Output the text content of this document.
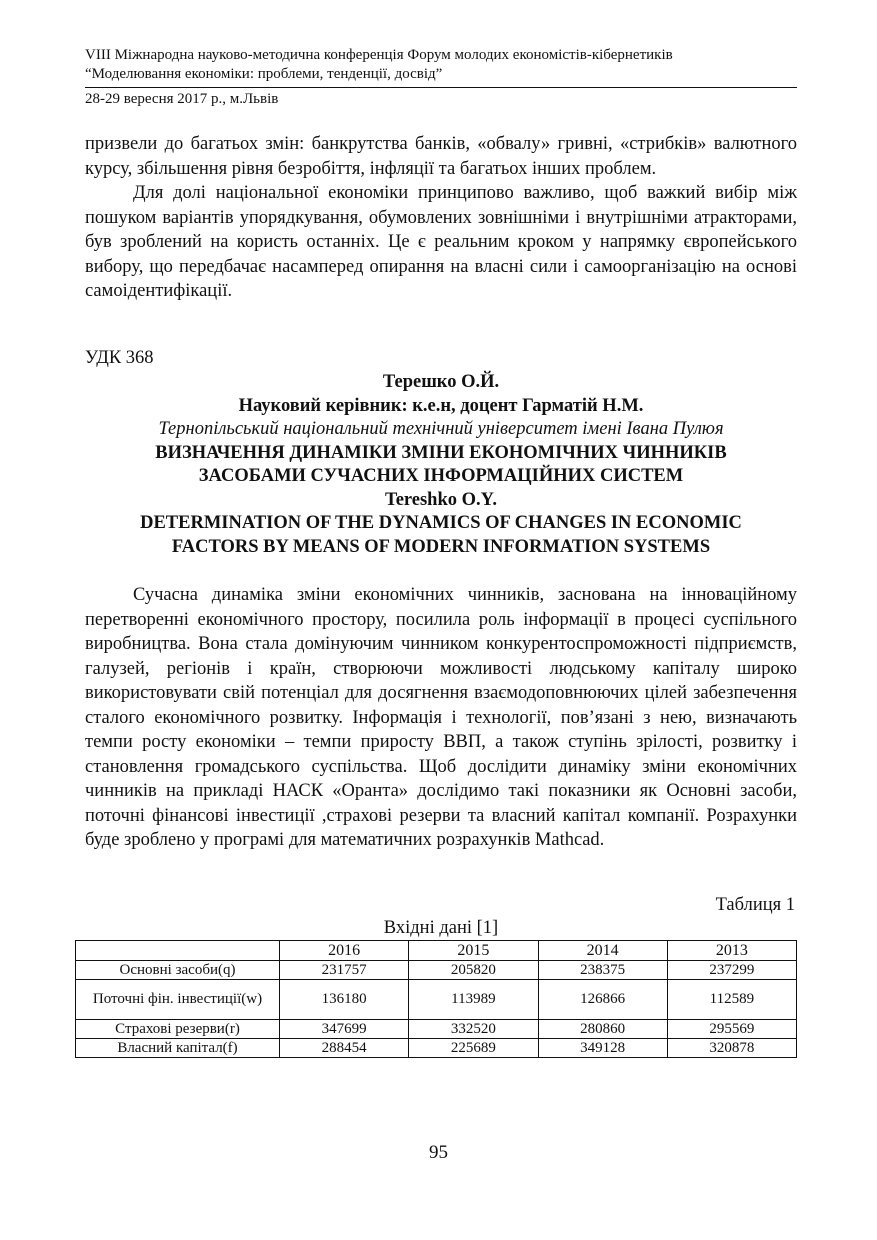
VIII Міжнародна науково-методична конференція Форум молодих економістів-кібернетиків
“Моделювання економіки: проблеми, тенденції, досвід”
28-29 вересня 2017 р., м.Львів

призвели до багатьох змін: банкрутства банків, «обвалу» гривні, «стрибків» валютного курсу, збільшення рівня безробіття, інфляції та багатьох інших проблем.

Для долі національної економіки принципово важливо, щоб важкий вибір між пошуком варіантів упорядкування, обумовлених зовнішніми і внутрішніми атракторами, був зроблений на користь останніх. Це є реальним кроком у напрямку європейського вибору, що передбачає насамперед опирання на власні сили і самоорганізацію на основі самоідентифікації.

УДК 368
Терешко О.Й.
Науковий керівник: к.е.н, доцент Гарматій Н.М.
Тернопільський національний технічний університет імені Івана Пулюя
ВИЗНАЧЕННЯ ДИНАМІКИ ЗМІНИ ЕКОНОМІЧНИХ ЧИННИКІВ
ЗАСОБАМИ СУЧАСНИХ ІНФОРМАЦІЙНИХ СИСТЕМ
Tereshko O.Y.
DETERMINATION OF THE DYNAMICS OF CHANGES IN ECONOMIC
FACTORS BY MEANS OF MODERN INFORMATION SYSTEMS

Сучасна динаміка зміни економічних чинників, заснована на інноваційному перетворенні економічного простору, посилила роль інформації в процесі суспільного виробництва. Вона стала домінуючим чинником конкурентоспроможності підприємств, галузей, регіонів і країн, створюючи можливості людському капіталу широко використовувати свій потенціал для досягнення взаємодоповнюючих цілей забезпечення сталого економічного розвитку. Інформація і технології, пов’язані з нею, визначають темпи росту економіки – темпи приросту ВВП, а також ступінь зрілості, розвитку і становлення громадського суспільства. Щоб дослідити динаміку зміни економічних чинників на прикладі НАСК «Оранта» дослідимо такі показники як Основні засоби, поточні фінансові інвестиції ,страхові резерви та власний капітал компанії. Розрахунки буде зроблено у програмі для математичних розрахунків Mathcad.

Таблиця 1
Вхідні дані [1]
	2016	2015	2014	2013
Основні засоби(q)	231757	205820	238375	237299
Поточні фін. інвестиції(w)	136180	113989	126866	112589
Страхові резерви(r)	347699	332520	280860	295569
Власний капітал(f)	288454	225689	349128	320878
95
